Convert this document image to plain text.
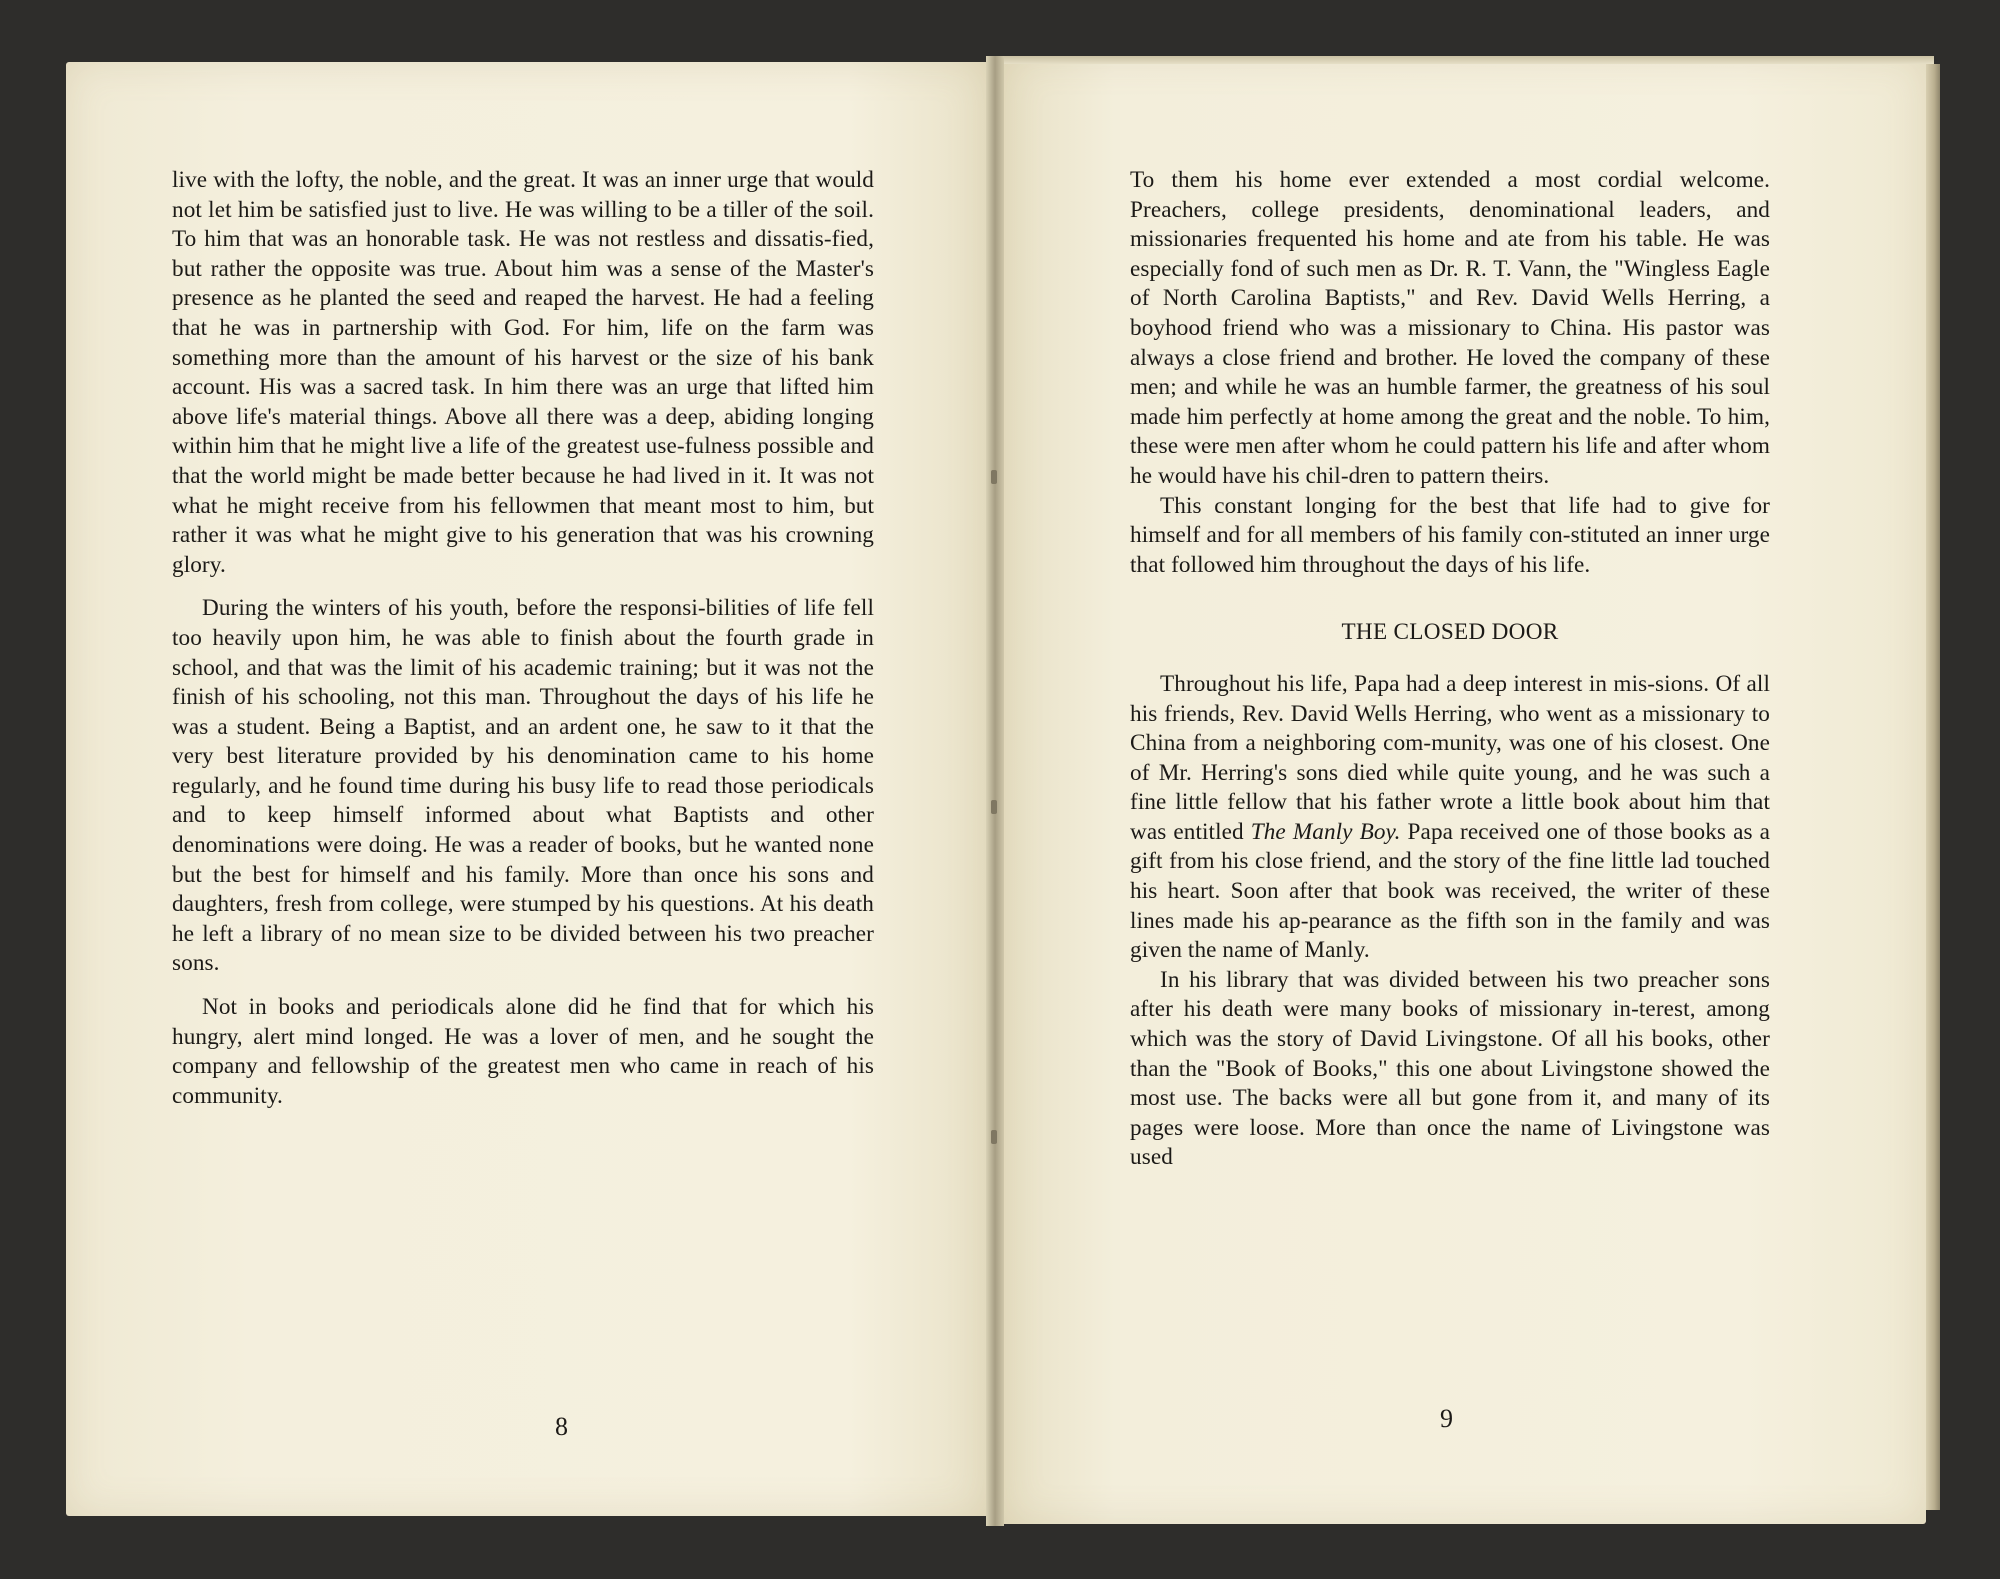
live with the lofty, the noble, and the great. It was an inner urge that would not let him be satisfied just to live. He was willing to be a tiller of the soil. To him that was an honorable task. He was not restless and dissatis-fied, but rather the opposite was true. About him was a sense of the Master's presence as he planted the seed and reaped the harvest. He had a feeling that he was in partnership with God. For him, life on the farm was something more than the amount of his harvest or the size of his bank account. His was a sacred task. In him there was an urge that lifted him above life's material things. Above all there was a deep, abiding longing within him that he might live a life of the greatest use-fulness possible and that the world might be made better because he had lived in it. It was not what he might receive from his fellowmen that meant most to him, but rather it was what he might give to his generation that was his crowning glory.

During the winters of his youth, before the responsi-bilities of life fell too heavily upon him, he was able to finish about the fourth grade in school, and that was the limit of his academic training; but it was not the finish of his schooling, not this man. Throughout the days of his life he was a student. Being a Baptist, and an ardent one, he saw to it that the very best literature provided by his denomination came to his home regularly, and he found time during his busy life to read those periodicals and to keep himself informed about what Baptists and other denominations were doing. He was a reader of books, but he wanted none but the best for himself and his family. More than once his sons and daughters, fresh from college, were stumped by his questions. At his death he left a library of no mean size to be divided between his two preacher sons.

Not in books and periodicals alone did he find that for which his hungry, alert mind longed. He was a lover of men, and he sought the company and fellowship of the greatest men who came in reach of his community.

8

To them his home ever extended a most cordial welcome. Preachers, college presidents, denominational leaders, and missionaries frequented his home and ate from his table. He was especially fond of such men as Dr. R. T. Vann, the "Wingless Eagle of North Carolina Baptists," and Rev. David Wells Herring, a boyhood friend who was a missionary to China. His pastor was always a close friend and brother. He loved the company of these men; and while he was an humble farmer, the greatness of his soul made him perfectly at home among the great and the noble. To him, these were men after whom he could pattern his life and after whom he would have his chil-dren to pattern theirs.

This constant longing for the best that life had to give for himself and for all members of his family con-stituted an inner urge that followed him throughout the days of his life.

THE CLOSED DOOR

Throughout his life, Papa had a deep interest in mis-sions. Of all his friends, Rev. David Wells Herring, who went as a missionary to China from a neighboring com-munity, was one of his closest. One of Mr. Herring's sons died while quite young, and he was such a fine little fellow that his father wrote a little book about him that was entitled The Manly Boy. Papa received one of those books as a gift from his close friend, and the story of the fine little lad touched his heart. Soon after that book was received, the writer of these lines made his ap-pearance as the fifth son in the family and was given the name of Manly.

In his library that was divided between his two preacher sons after his death were many books of missionary in-terest, among which was the story of David Livingstone. Of all his books, other than the "Book of Books," this one about Livingstone showed the most use. The backs were all but gone from it, and many of its pages were loose. More than once the name of Livingstone was used

9
